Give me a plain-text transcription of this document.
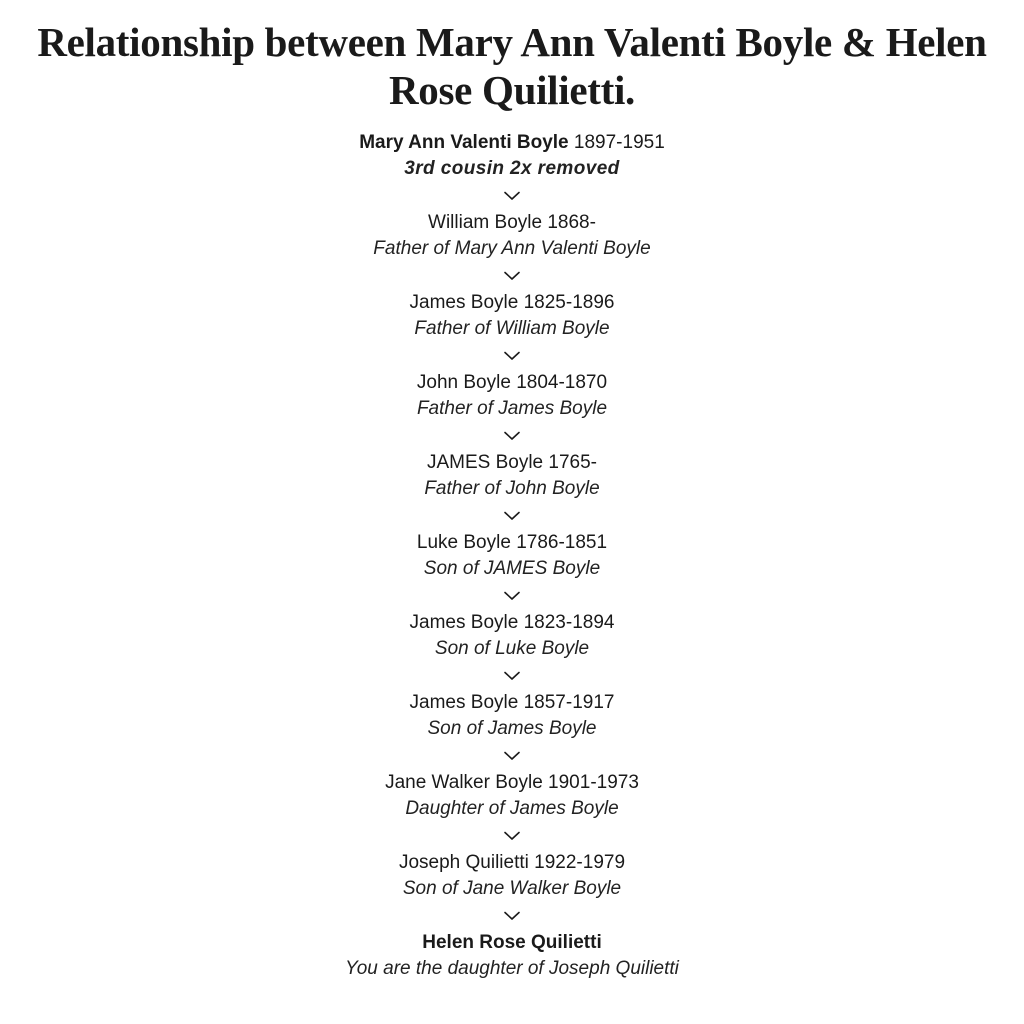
Relationship between Mary Ann Valenti Boyle & Helen Rose Quilietti.
Mary Ann Valenti Boyle 1897-1951
3rd cousin 2x removed
William Boyle 1868-
Father of Mary Ann Valenti Boyle
James Boyle 1825-1896
Father of William Boyle
John Boyle 1804-1870
Father of James Boyle
JAMES Boyle 1765-
Father of John Boyle
Luke Boyle 1786-1851
Son of JAMES Boyle
James Boyle 1823-1894
Son of Luke Boyle
James Boyle 1857-1917
Son of James Boyle
Jane Walker Boyle 1901-1973
Daughter of James Boyle
Joseph Quilietti 1922-1979
Son of Jane Walker Boyle
Helen Rose Quilietti
You are the daughter of Joseph Quilietti
